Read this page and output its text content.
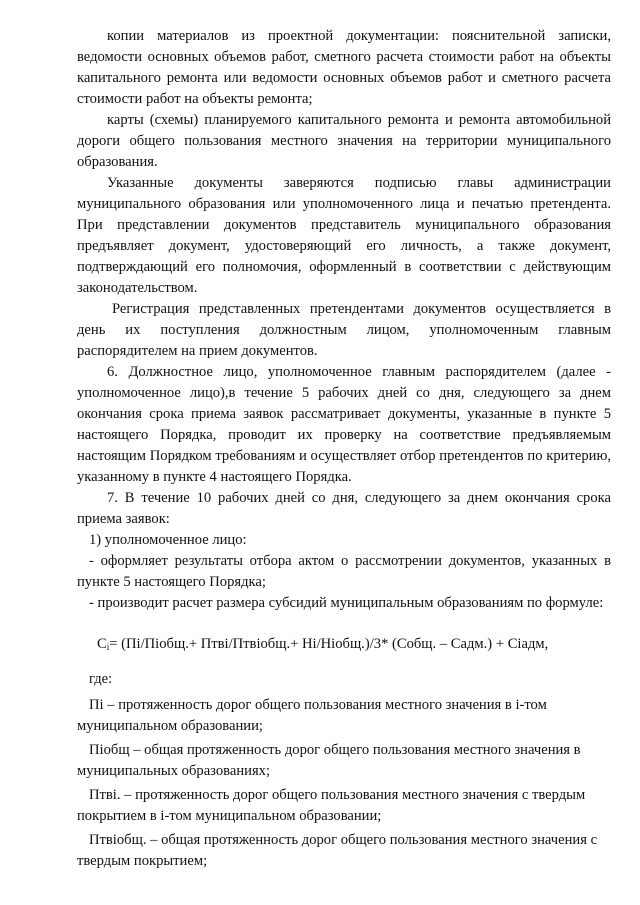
копии материалов из проектной документации: пояснительной записки, ведомости основных объемов работ, сметного расчета стоимости работ на объекты капитального ремонта или ведомости основных объемов работ и сметного расчета стоимости работ на объекты ремонта;

карты (схемы) планируемого капитального ремонта и ремонта автомобильной дороги общего пользования местного значения на территории муниципального образования.

Указанные документы заверяются подписью главы администрации муниципального образования или уполномоченного лица и печатью претендента. При представлении документов представитель муниципального образования предъявляет документ, удостоверяющий его личность, а также документ, подтверждающий его полномочия, оформленный в соответствии с действующим законодательством.

Регистрация представленных претендентами документов осуществляется в день их поступления должностным лицом, уполномоченным главным распорядителем на прием документов.

6. Должностное лицо, уполномоченное главным распорядителем (далее - уполномоченное лицо),в течение 5 рабочих дней со дня, следующего за днем окончания срока приема заявок рассматривает документы, указанные в пункте 5 настоящего Порядка, проводит их проверку на соответствие предъявляемым настоящим Порядком требованиям и осуществляет отбор претендентов по критерию, указанному в пункте 4 настоящего Порядка.

7. В течение 10 рабочих дней со дня, следующего за днем окончания срока приема заявок:

1) уполномоченное лицо:

- оформляет результаты отбора актом о рассмотрении документов, указанных в пункте 5 настоящего Порядка;

- производит расчет размера субсидий муниципальным образованиям по формуле:

$C_i=$ (Пi/Пiобщ.+ Птвi/Птвiобщ.+ Нi/Нiобщ.)/3* (Собщ. – Садм.) + Сiадм,

где:

Пi – протяженность дорог общего пользования местного значения в i-том муниципальном образовании;

Пiобщ – общая протяженность дорог общего пользования местного значения в муниципальных образованиях;

Птвi. – протяженность дорог общего пользования местного значения с твердым покрытием в i-том муниципальном образовании;

Птвiобщ. – общая протяженность дорог общего пользования местного значения с твердым покрытием;
